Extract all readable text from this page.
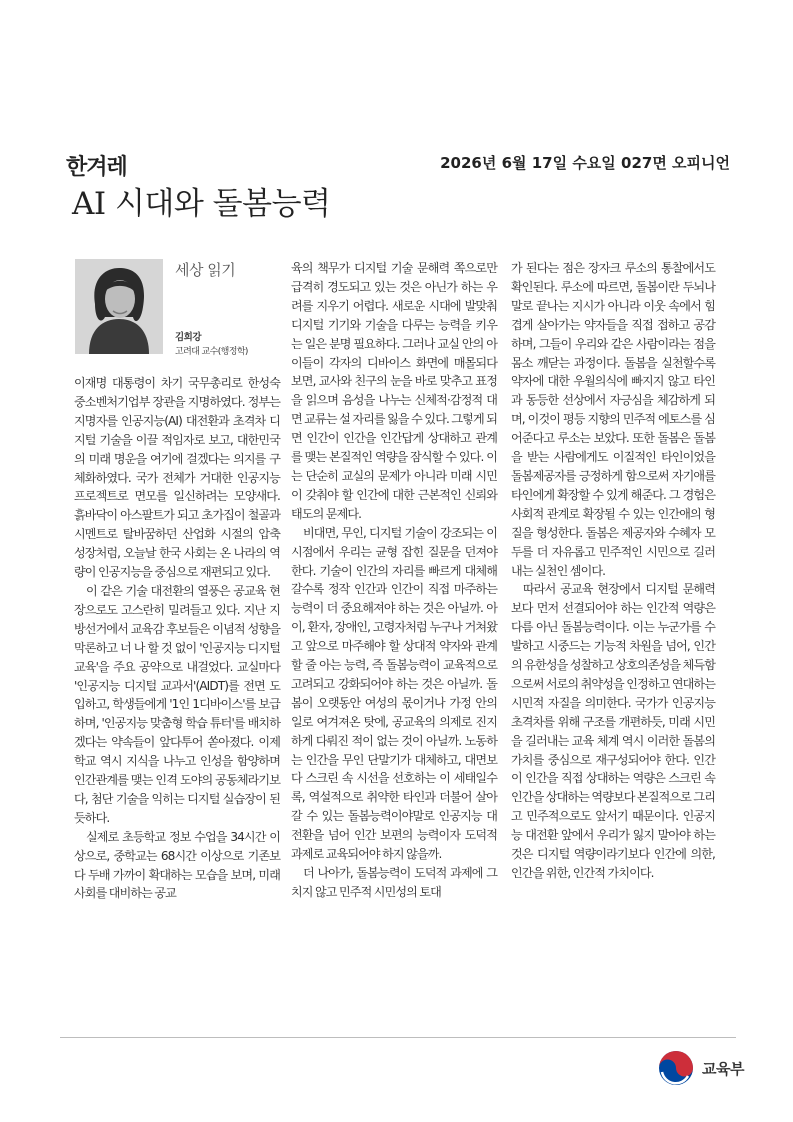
한겨레	2026년 6월 17일 수요일 027면 오피니언
AI 시대와 돌봄능력
세상 읽기
김희강
고려대 교수(행정학)

이재명 대통령이 차기 국무총리로 한성숙 중소벤처기업부 장관을 지명하였다. 정부는 지명자를 인공지능(AI) 대전환과 초격차 디지털 기술을 이끌 적임자로 보고, 대한민국의 미래 명운을 여기에 걸겠다는 의지를 구체화하였다. 국가 전체가 거대한 인공지능 프로젝트로 면모를 일신하려는 모양새다. 흙바닥이 아스팔트가 되고 초가집이 철골과 시멘트로 탈바꿈하던 산업화 시절의 압축 성장처럼, 오늘날 한국 사회는 온 나라의 역량이 인공지능을 중심으로 재편되고 있다.

이 같은 기술 대전환의 열풍은 공교육 현장으로도 고스란히 밀려들고 있다. 지난 지방선거에서 교육감 후보들은 이념적 성향을 막론하고 너 나 할 것 없이 '인공지능 디지털 교육'을 주요 공약으로 내걸었다. 교실마다 '인공지능 디지털 교과서'(AIDT)를 전면 도입하고, 학생들에게 '1인 1디바이스'를 보급하며, '인공지능 맞춤형 학습 튜터'를 배치하겠다는 약속들이 앞다투어 쏟아졌다. 이제 학교 역시 지식을 나누고 인성을 함양하며 인간관계를 맺는 인격 도야의 공동체라기보다, 첨단 기술을 익히는 디지털 실습장이 된 듯하다.

실제로 초등학교 정보 수업을 34시간 이상으로, 중학교는 68시간 이상으로 기존보다 두배 가까이 확대하는 모습을 보며, 미래 사회를 대비하는 공교

육의 책무가 디지털 기술 문해력 쪽으로만 급격히 경도되고 있는 것은 아닌가 하는 우려를 지우기 어렵다. 새로운 시대에 발맞춰 디지털 기기와 기술을 다루는 능력을 키우는 일은 분명 필요하다. 그러나 교실 안의 아이들이 각자의 디바이스 화면에 매몰되다 보면, 교사와 친구의 눈을 바로 맞추고 표정을 읽으며 음성을 나누는 신체적·감정적 대면 교류는 설 자리를 잃을 수 있다. 그렇게 되면 인간이 인간을 인간답게 상대하고 관계를 맺는 본질적인 역량을 잠식할 수 있다. 이는 단순히 교실의 문제가 아니라 미래 시민이 갖춰야 할 인간에 대한 근본적인 신뢰와 태도의 문제다.

비대면, 무인, 디지털 기술이 강조되는 이 시점에서 우리는 균형 잡힌 질문을 던져야 한다. 기술이 인간의 자리를 빠르게 대체해갈수록 정작 인간과 인간이 직접 마주하는 능력이 더 중요해져야 하는 것은 아닐까. 아이, 환자, 장애인, 고령자처럼 누구나 거쳐왔고 앞으로 마주해야 할 상대적 약자와 관계할 줄 아는 능력, 즉 돌봄능력이 교육적으로 고려되고 강화되어야 하는 것은 아닐까. 돌봄이 오랫동안 여성의 몫이거나 가정 안의 일로 여겨져온 탓에, 공교육의 의제로 진지하게 다뤄진 적이 없는 것이 아닐까. 노동하는 인간을 무인 단말기가 대체하고, 대면보다 스크린 속 시선을 선호하는 이 세태일수록, 역설적으로 취약한 타인과 더불어 살아갈 수 있는 돌봄능력이야말로 인공지능 대전환을 넘어 인간 보편의 능력이자 도덕적 과제로 교육되어야 하지 않을까.

더 나아가, 돌봄능력이 도덕적 과제에 그치지 않고 민주적 시민성의 토대

가 된다는 점은 장자크 루소의 통찰에서도 확인된다. 루소에 따르면, 돌봄이란 두뇌나 말로 끝나는 지시가 아니라 이웃 속에서 힘겹게 살아가는 약자들을 직접 접하고 공감하며, 그들이 우리와 같은 사람이라는 점을 몸소 깨닫는 과정이다. 돌봄을 실천할수록 약자에 대한 우월의식에 빠지지 않고 타인과 동등한 선상에서 자긍심을 체감하게 되며, 이것이 평등 지향의 민주적 에토스를 심어준다고 루소는 보았다. 또한 돌봄은 돌봄을 받는 사람에게도 이질적인 타인이었을 돌봄제공자를 긍정하게 함으로써 자기애를 타인에게 확장할 수 있게 해준다. 그 경험은 사회적 관계로 확장될 수 있는 인간애의 형질을 형성한다. 돌봄은 제공자와 수혜자 모두를 더 자유롭고 민주적인 시민으로 길러내는 실천인 셈이다.

따라서 공교육 현장에서 디지털 문해력보다 먼저 선결되어야 하는 인간적 역량은 다름 아닌 돌봄능력이다. 이는 누군가를 수발하고 시중드는 기능적 차원을 넘어, 인간의 유한성을 성찰하고 상호의존성을 체득함으로써 서로의 취약성을 인정하고 연대하는 시민적 자질을 의미한다. 국가가 인공지능 초격차를 위해 구조를 개편하듯, 미래 시민을 길러내는 교육 체계 역시 이러한 돌봄의 가치를 중심으로 재구성되어야 한다. 인간이 인간을 직접 상대하는 역량은 스크린 속 인간을 상대하는 역량보다 본질적으로 그리고 민주적으로도 앞서기 때문이다. 인공지능 대전환 앞에서 우리가 잃지 말아야 하는 것은 디지털 역량이라기보다 인간에 의한, 인간을 위한, 인간적 가치이다.

교육부
